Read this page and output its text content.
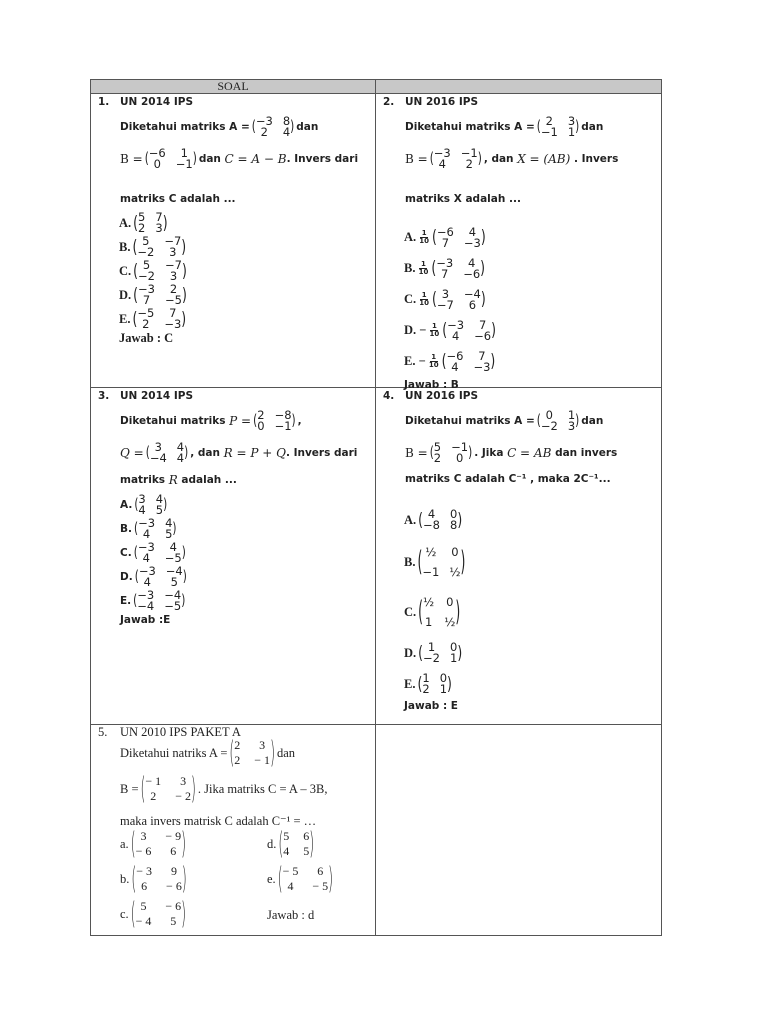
SOAL	

1. UN 2014 IPS
Diketahui matriks A = ( −3 8
2	4 ) dan
B = ( −6	1
0	−1 ) dan
C = A − B . Invers dari
matriks C adalah ...
A. ( 5 7
2 3 )
B. ( 5	−7
−2	3 )
C. ( 5	−7
−2	3 )
D. ( −3	2
7	−5 )
E. ( −5	7
2	−3 )
Jawab : C

2. UN 2016 IPS
Diketahui matriks A = ( 2	3
−1 1 ) dan
B = ( −3 −1
4	2 ) , dan
X = (AB)
. Invers
matriks X adalah ...
A.
$\frac{1}{10}$ ( −6	4
7	−3 )
B.
$\frac{1}{10}$ ( −3	4
7	−6 )
C.
$\frac{1}{10}$ ( 3	−4
−7	6 )
D.
−
$\frac{1}{10}$ ( −3	7
4	−6 )
E.
−
$\frac{1}{10}$ ( −6	7
4	−3 )
Jawab : B

3. UN 2014 IPS
Diketahui matriks
P = ( 2 −8
0 −1 ) ,
Q = ( 3	4
−4 4 ) , dan
R = P + Q . Invers dari
matriks
R
adalah ...
A. ( 3 4
4 5 )
B. ( −3 4
4	5 )
C. ( −3	4
4	−5 )
D. ( −3 −4
4	5 )
E. ( −3 −4
−4 −5 )
Jawab :E

4. UN 2016 IPS
Diketahui matriks A = ( 0	1
−2 3 ) dan
B = ( 5 −1
2	0 ) . Jika
C = AB
dan invers
matriks C adalah C⁻¹ , maka 2C⁻¹...
A. ( 4	0
−8 8 )
B. ( ½ 0
−1 ½ )
C. ( ½ 0
1 ½ )
D. ( 1	0
−2 1 )
E. ( 1 0
2 1 )
Jawab : E

5. UN 2010 IPS PAKET A
Diketahui natriks A = ( 2	3
2 − 1 ) dan
B = ( − 1	3
2	− 2 ) . Jika matriks C = A – 3B,
maka invers matrisk C adalah C⁻¹ = …
a. ( 3	− 9
− 6	6 )
b. ( − 3	9
6	− 6 )
c. ( 5	− 6
− 4	5 )
d. ( 5 6
4 5 )
e. ( − 5	6
4	− 5 )
Jawab : d
